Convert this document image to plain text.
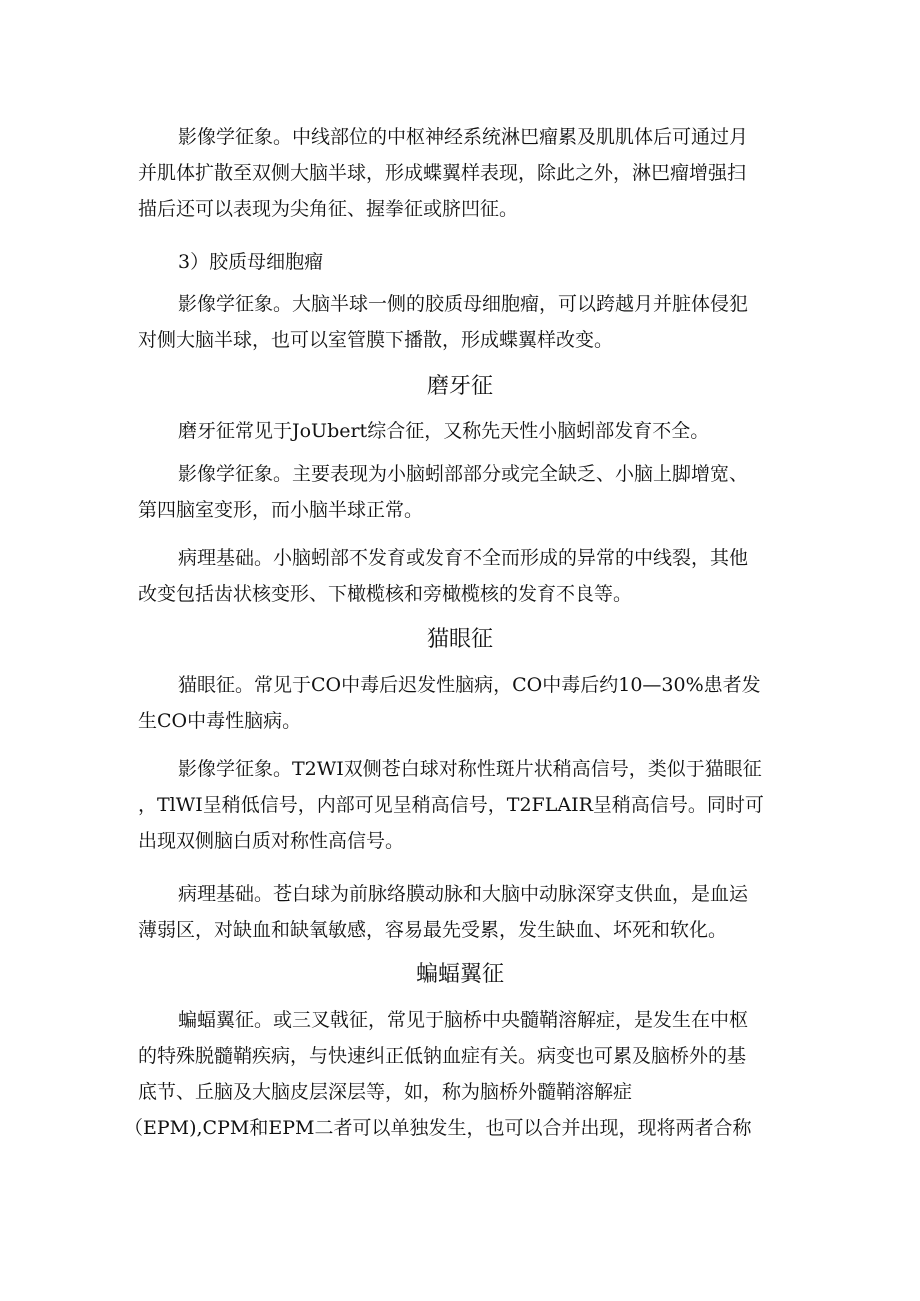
影像学征象。中线部位的中枢神经系统淋巴瘤累及肌肌体后可通过月
并肌体扩散至双侧大脑半球，形成蝶翼样表现，除此之外，淋巴瘤增强扫
描后还可以表现为尖角征、握拳征或脐凹征。

3）胶质母细胞瘤

影像学征象。大脑半球一侧的胶质母细胞瘤，可以跨越月并脏体侵犯
对侧大脑半球，也可以室管膜下播散，形成蝶翼样改变。

磨牙征

磨牙征常见于JoUbert综合征，又称先天性小脑蚓部发育不全。

影像学征象。主要表现为小脑蚓部部分或完全缺乏、小脑上脚增宽、
第四脑室变形，而小脑半球正常。

病理基础。小脑蚓部不发育或发育不全而形成的异常的中线裂，其他
改变包括齿状核变形、下橄榄核和旁橄榄核的发育不良等。

猫眼征

猫眼征。常见于CO中毒后迟发性脑病，CO中毒后约10—30%患者发
生CO中毒性脑病。

影像学征象。T2WI双侧苍白球对称性斑片状稍高信号，类似于猫眼征
，TlWI呈稍低信号，内部可见呈稍高信号，T2FLAIR呈稍高信号。同时可
出现双侧脑白质对称性高信号。

病理基础。苍白球为前脉络膜动脉和大脑中动脉深穿支供血，是血运
薄弱区，对缺血和缺氧敏感，容易最先受累，发生缺血、坏死和软化。

蝙蝠翼征

蝙蝠翼征。或三叉戟征，常见于脑桥中央髓鞘溶解症，是发生在中枢
的特殊脱髓鞘疾病，与快速纠正低钠血症有关。病变也可累及脑桥外的基
底节、丘脑及大脑皮层深层等，如，称为脑桥外髓鞘溶解症
（EPM),CPM和EPM二者可以单独发生，也可以合并出现，现将两者合称
